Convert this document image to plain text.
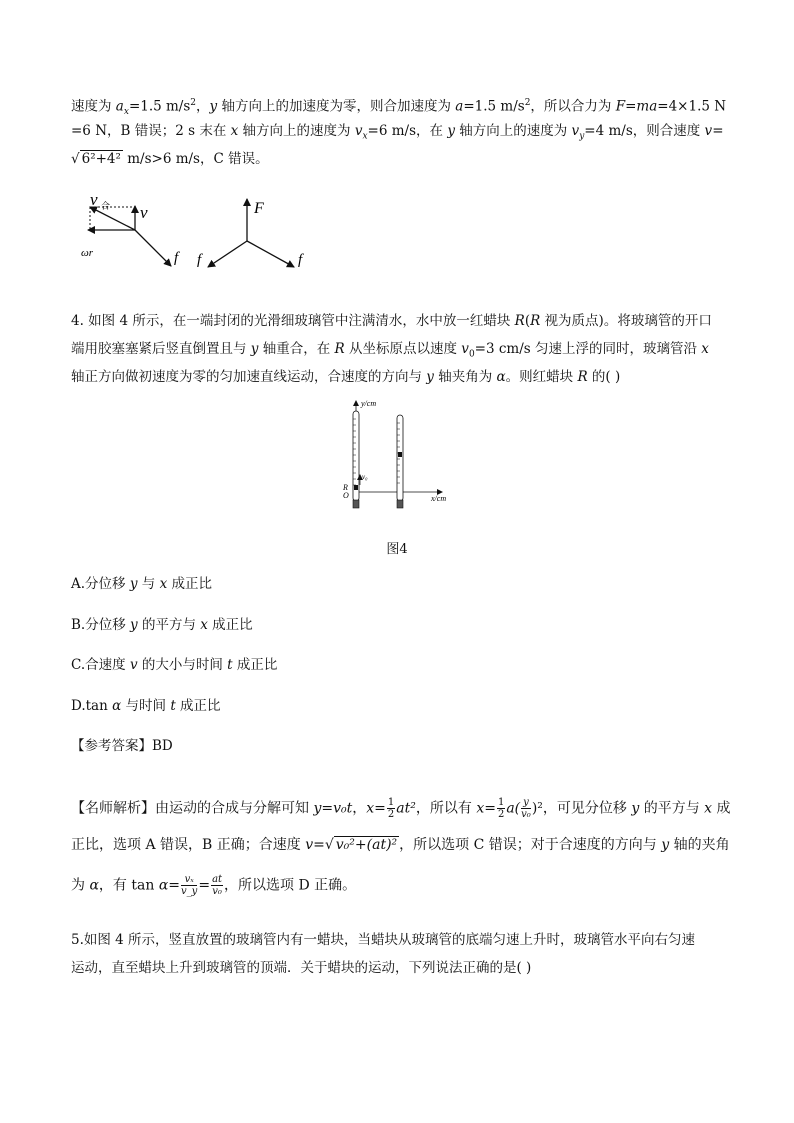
速度为 $a_x=1.5$ $m/s^2$，y 轴方向上的加速度为零，则合加速度为 a=1.5 $m/s^2$，所以合力为 F=ma=4×1.5 N
=6 N，B 错误；2 s 末在 x 轴方向上的速度为 $v_x=6$ m/s，在 y 轴方向上的速度为 $v_y=4$ m/s，则合速度 v=
√ 6²+4² m/s>6 m/s，C 错误。
v 合 v
ωr	f
F
f	f
4. 如图 4 所示，在一端封闭的光滑细玻璃管中注满清水，水中放一红蜡块 R(R 视为质点)。将玻璃管的开口
端用胶塞塞紧后竖直倒置且与 y 轴重合，在 R 从坐标原点以速度 $v_0=3$ cm/s 匀速上浮的同时，玻璃管沿 x
轴正方向做初速度为零的匀加速直线运动，合速度的方向与 y 轴夹角为 α。则红蜡块 R 的( )
y/cm
x/cm
R
O
v₀
图4
A.分位移 y 与 x 成正比
B.分位移 y 的平方与 x 成正比
C.合速度 v 的大小与时间 t 成正比
D.tan α 与时间 t 成正比
【参考答案】BD
【名师解析】由运动的合成与分解可知 y=v₀t，$x= \frac{1}{2} at^2$，所以有 $x= \frac{1}{2} a( \frac{y}{\text{v₀}} )^2$，可见分位移 y 的平方与 x 成
正比，选项 A 错误，B 正确；合速度 v=√ v₀²+(at)² ，所以选项 C 错误；对于合速度的方向与 y 轴的夹角
为 α，有 $\tan \alpha= \frac{\text{vₓ}}{v\_y} = \frac{at}{\text{v₀}}$ ，所以选项 D 正确。
5.如图 4 所示，竖直放置的玻璃管内有一蜡块，当蜡块从玻璃管的底端匀速上升时，玻璃管水平向右匀速
运动，直至蜡块上升到玻璃管的顶端．关于蜡块的运动，下列说法正确的是( )
